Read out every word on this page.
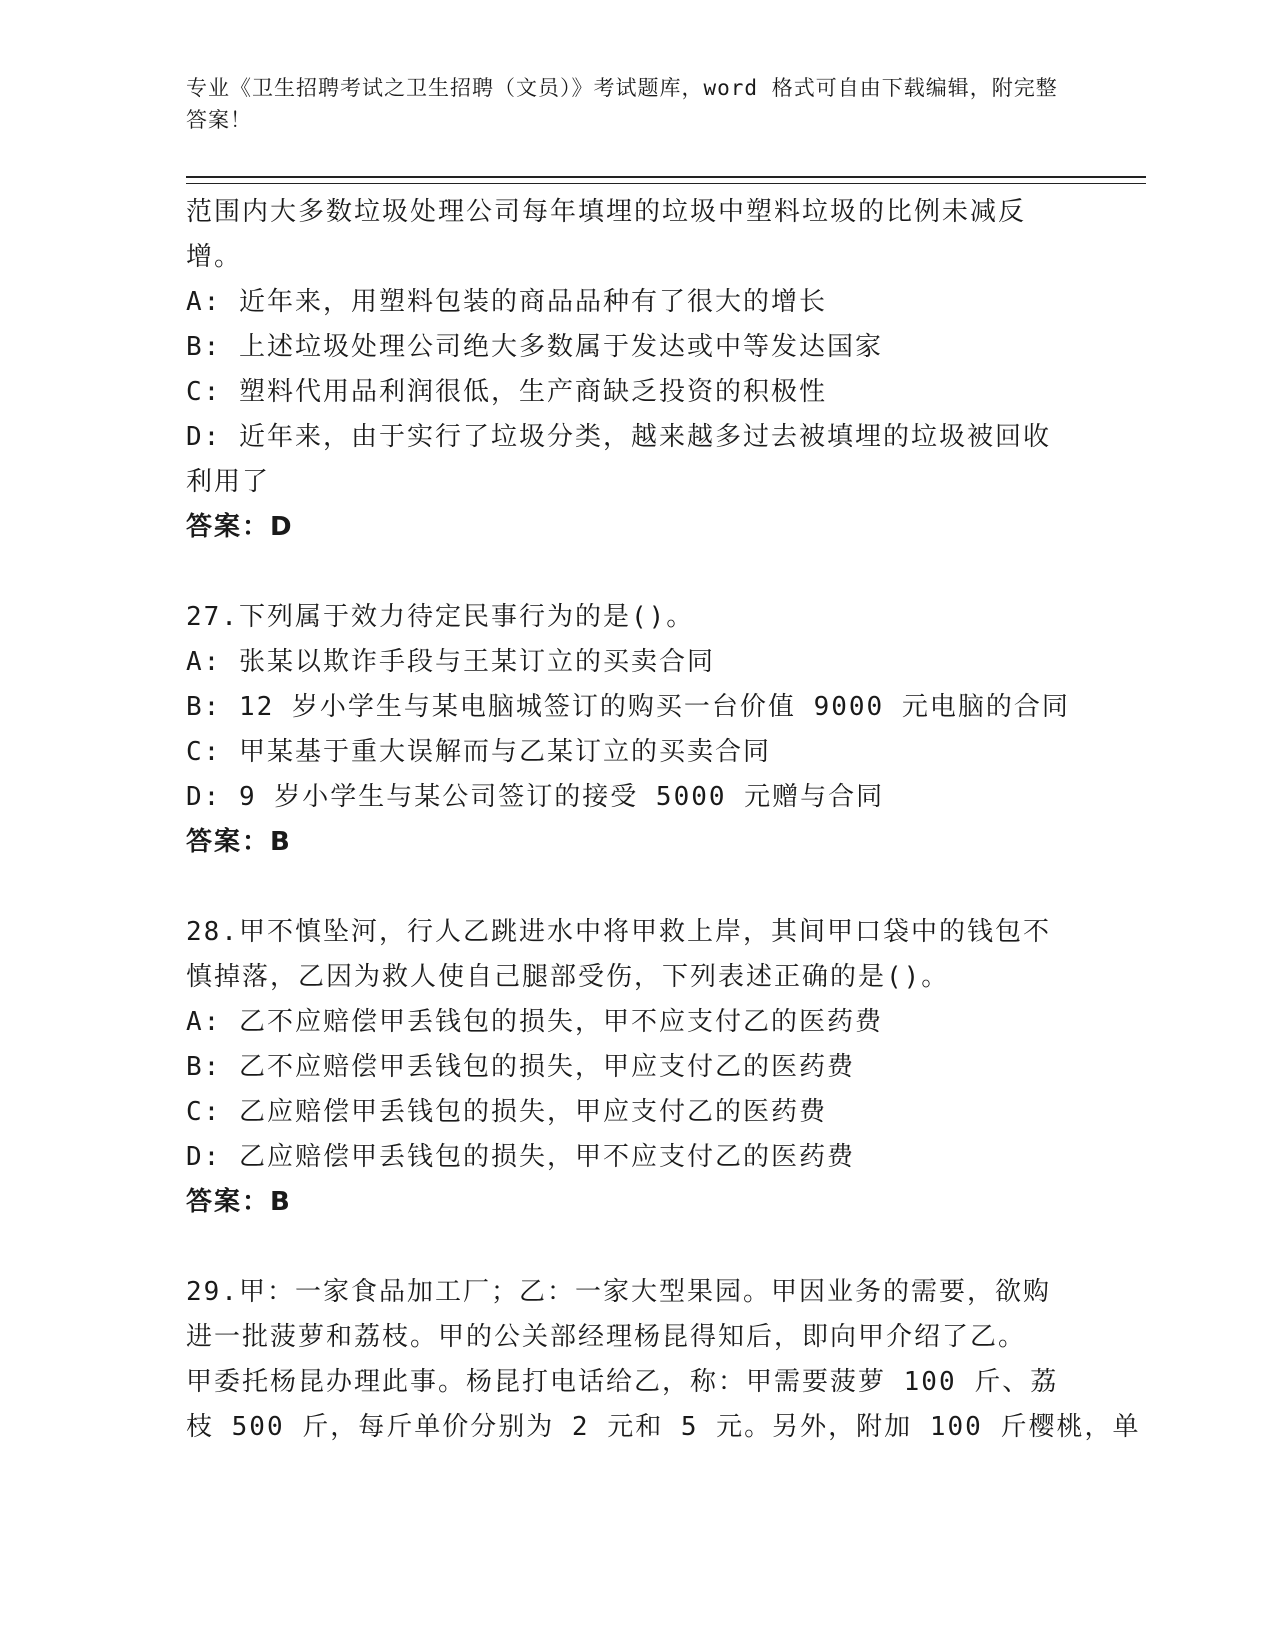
专业《卫生招聘考试之卫生招聘（文员）》考试题库，word 格式可自由下载编辑，附完整答案！
范围内大多数垃圾处理公司每年填埋的垃圾中塑料垃圾的比例未减反
增。
A: 近年来，用塑料包装的商品品种有了很大的增长
B: 上述垃圾处理公司绝大多数属于发达或中等发达国家
C: 塑料代用品利润很低，生产商缺乏投资的积极性
D: 近年来，由于实行了垃圾分类，越来越多过去被填埋的垃圾被回收
利用了
答案：D
27.下列属于效力待定民事行为的是()。
A: 张某以欺诈手段与王某订立的买卖合同
B: 12 岁小学生与某电脑城签订的购买一台价值 9000 元电脑的合同
C: 甲某基于重大误解而与乙某订立的买卖合同
D: 9 岁小学生与某公司签订的接受 5000 元赠与合同
答案：B
28.甲不慎坠河，行人乙跳进水中将甲救上岸，其间甲口袋中的钱包不
慎掉落，乙因为救人使自己腿部受伤，下列表述正确的是()。
A: 乙不应赔偿甲丢钱包的损失，甲不应支付乙的医药费
B: 乙不应赔偿甲丢钱包的损失，甲应支付乙的医药费
C: 乙应赔偿甲丢钱包的损失，甲应支付乙的医药费
D: 乙应赔偿甲丢钱包的损失，甲不应支付乙的医药费
答案：B
29.甲：一家食品加工厂；乙：一家大型果园。甲因业务的需要，欲购
进一批菠萝和荔枝。甲的公关部经理杨昆得知后，即向甲介绍了乙。
甲委托杨昆办理此事。杨昆打电话给乙，称：甲需要菠萝 100 斤、荔
枝 500 斤，每斤单价分别为 2 元和 5 元。另外，附加 100 斤樱桃，单
